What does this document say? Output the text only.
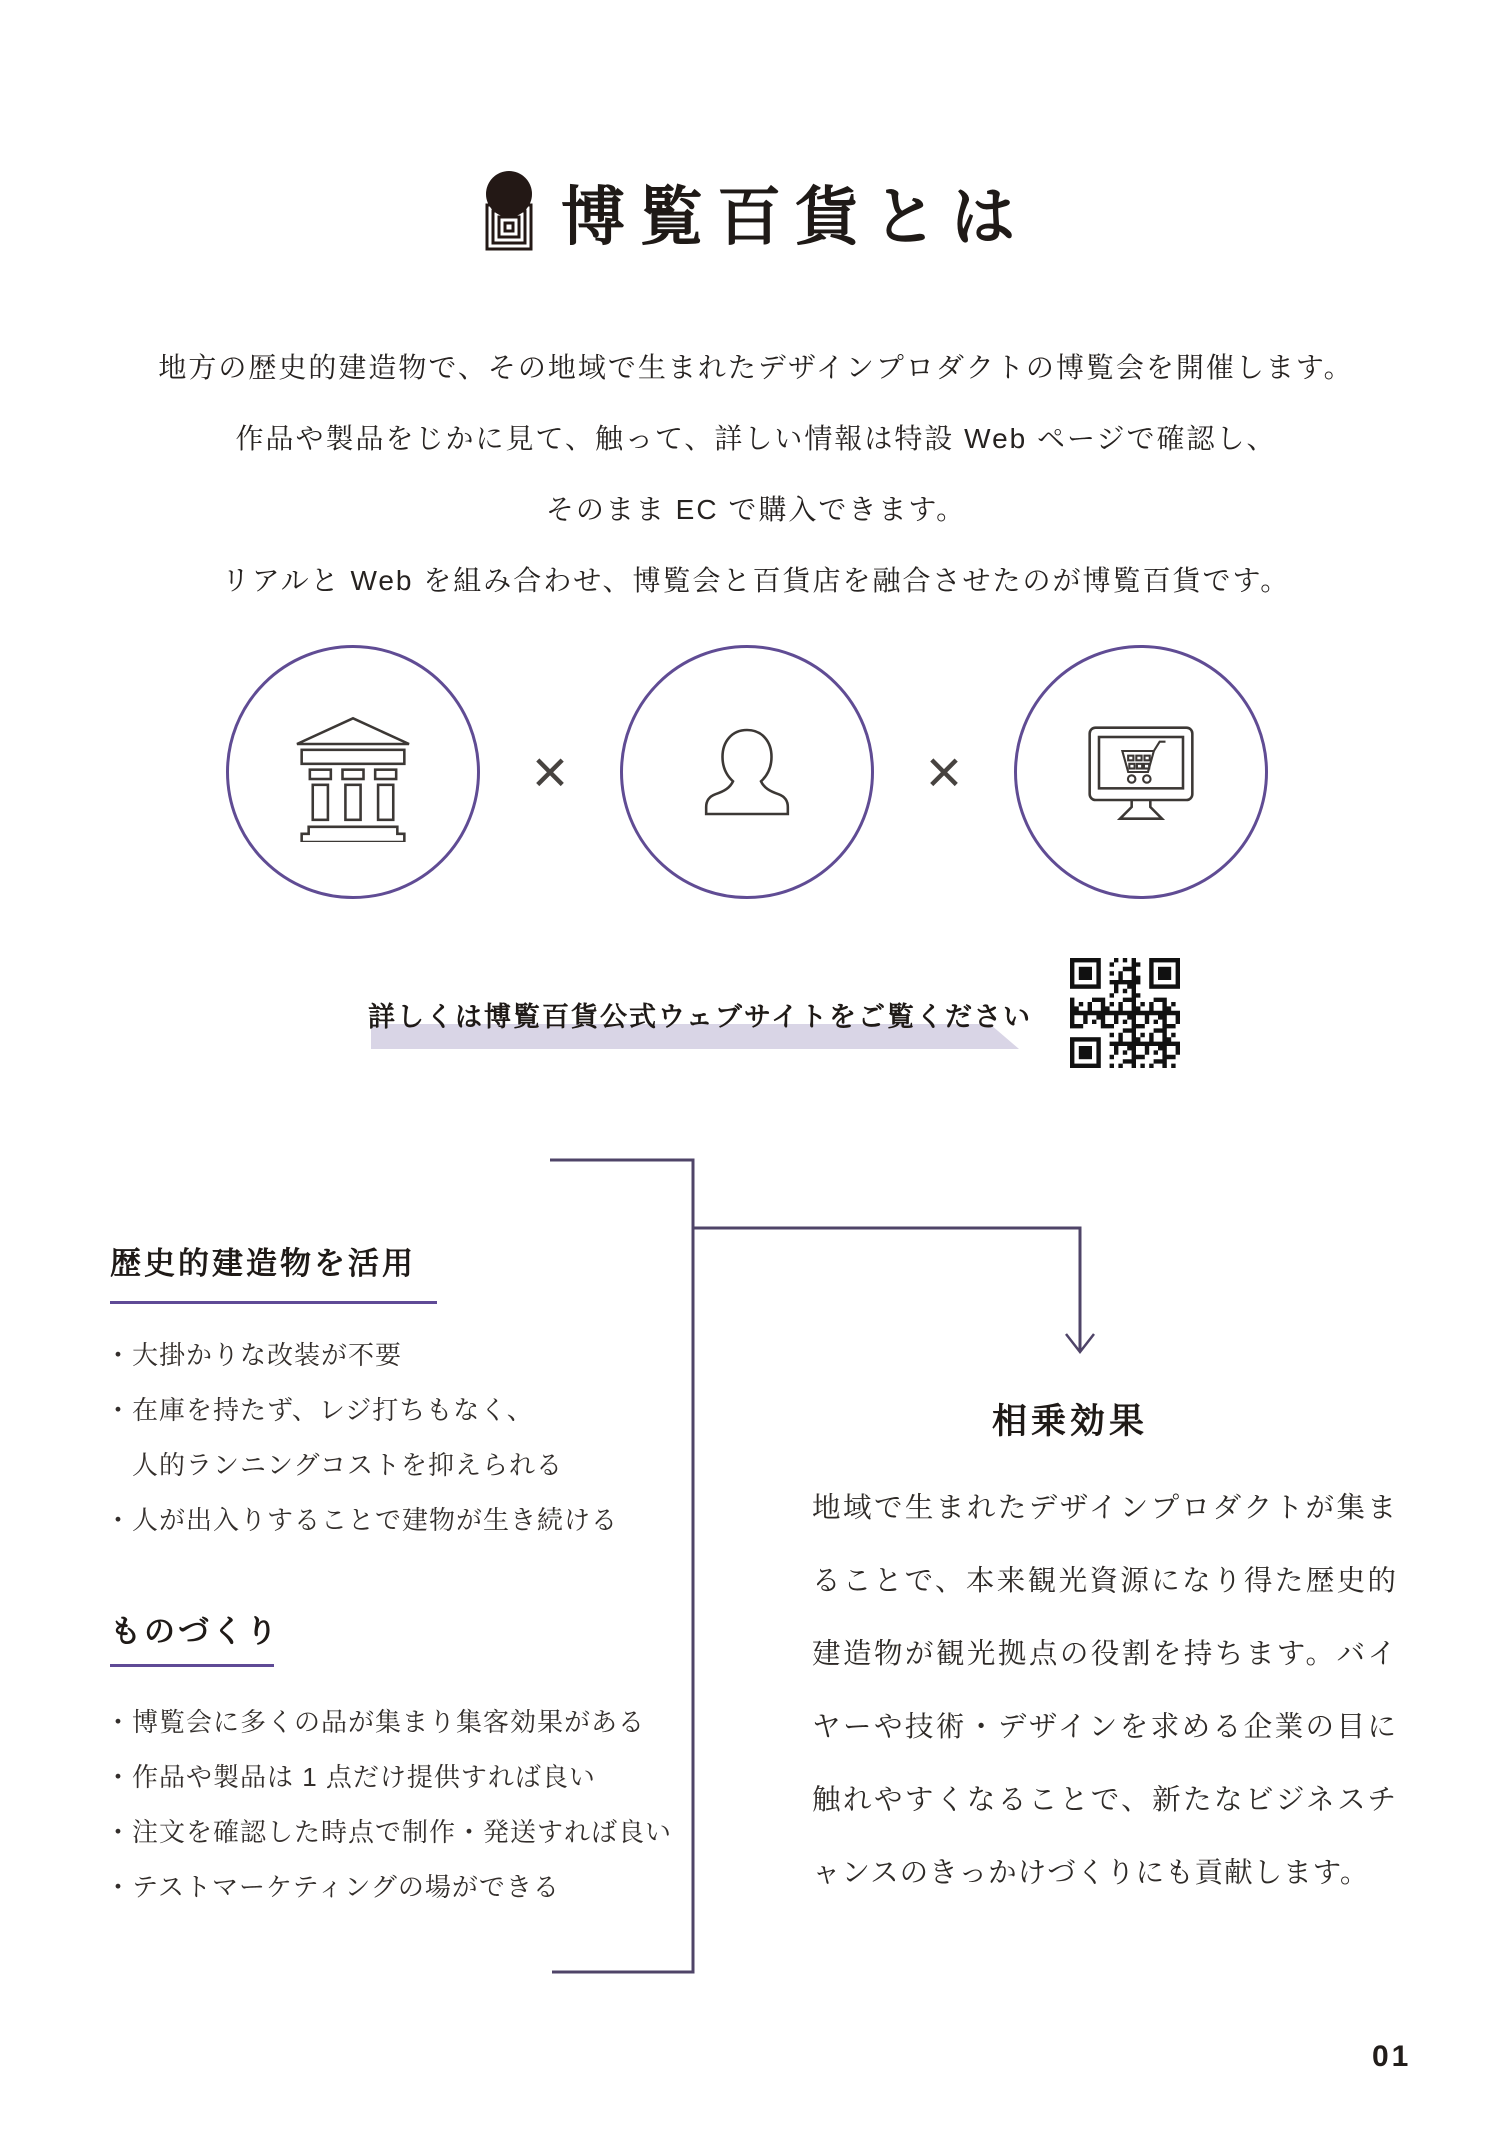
博覧百貨とは
地方の歴史的建造物で、その地域で生まれたデザインプロダクトの博覧会を開催します。
作品や製品をじかに見て、触って、詳しい情報は特設 Web ページで確認し、
そのまま EC で購入できます。
リアルと Web を組み合わせ、博覧会と百貨店を融合させたのが博覧百貨です。
×	×
詳しくは博覧百貨公式ウェブサイトをご覧ください
歴史的建造物を活用
・大掛かりな改装が不要
・在庫を持たず、レジ打ちもなく、
　人的ランニングコストを抑えられる
・人が出入りすることで建物が生き続ける
ものづくり
・博覧会に多くの品が集まり集客効果がある
・作品や製品は 1 点だけ提供すれば良い
・注文を確認した時点で制作・発送すれば良い
・テストマーケティングの場ができる
相乗効果

地域で生まれたデザインプロダクトが集まることで、本来観光資源になり得た歴史的建造物が観光拠点の役割を持ちます。バイヤーや技術・デザインを求める企業の目に触れやすくなることで、新たなビジネスチャンスのきっかけづくりにも貢献します。

01
